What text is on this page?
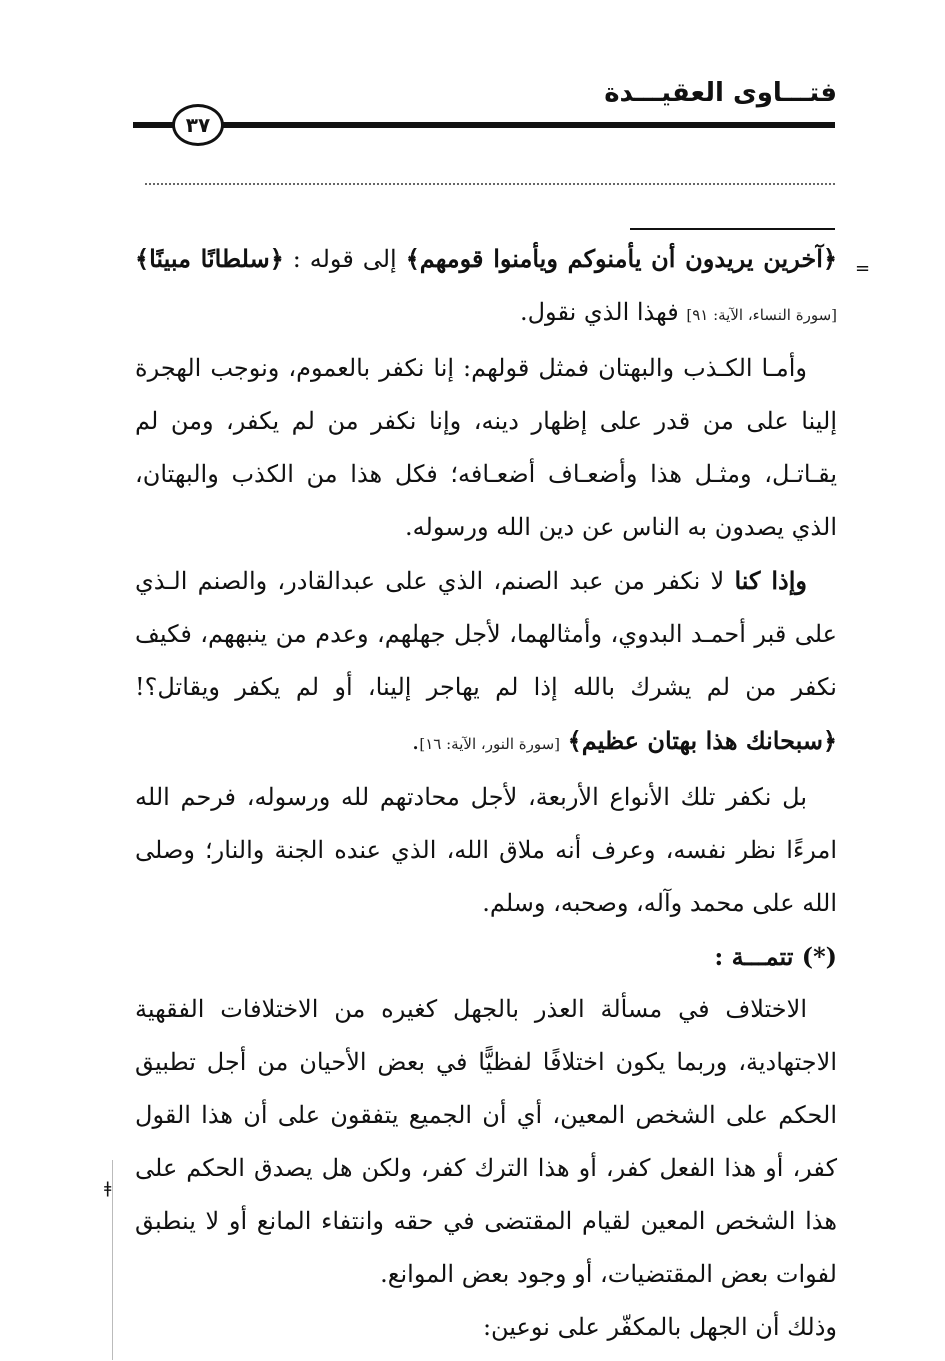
فتـــاوى العقيـــدة
٣٧
=
ǂ

﴿آخرين يريدون أن يأمنوكم ويأمنوا قومهم﴾ إلى قوله : ﴿سلطانًا مبينًا﴾ [سورة النساء، الآية: ٩١] فهذا الذي نقول.

وأمـا الكـذب والبهتان فمثل قولهم: إنا نكفر بالعموم، ونوجب الهجرة إلينا على من قدر على إظهار دينه، وإنا نكفر من لم يكفر، ومن لم يقـاتـل، ومثـل هذا وأضعـاف أضعـافه؛ فكل هذا من الكذب والبهتان، الذي يصدون به الناس عن دين الله ورسوله.

وإذا كنا لا نكفر من عبد الصنم، الذي على عبدالقادر، والصنم الـذي على قبر أحمـد البدوي، وأمثالهما، لأجل جهلهم، وعدم من ينبههم، فكيف نكفر من لم يشرك بالله إذا لم يهاجر إلينا، أو لم يكفر ويقاتل؟! ﴿سبحانك هذا بهتان عظيم﴾ [سورة النور، الآية: ١٦].

بل نكفر تلك الأنواع الأربعة، لأجل محادتهم لله ورسوله، فرحم الله امرءًا نظر نفسه، وعرف أنه ملاق الله، الذي عنده الجنة والنار؛ وصلى الله على محمد وآله، وصحبه، وسلم.

(*) تتمـــة :

الاختلاف في مسألة العذر بالجهل كغيره من الاختلافات الفقهية الاجتهادية، وربما يكون اختلافًا لفظيًّا في بعض الأحيان من أجل تطبيق الحكم على الشخص المعين، أي أن الجميع يتفقون على أن هذا القول كفر، أو هذا الفعل كفر، أو هذا الترك كفر، ولكن هل يصدق الحكم على هذا الشخص المعين لقيام المقتضى في حقه وانتفاء المانع أو لا ينطبق لفوات بعض المقتضيات، أو وجود بعض الموانع.

وذلك أن الجهل بالمكفّر على نوعين:
